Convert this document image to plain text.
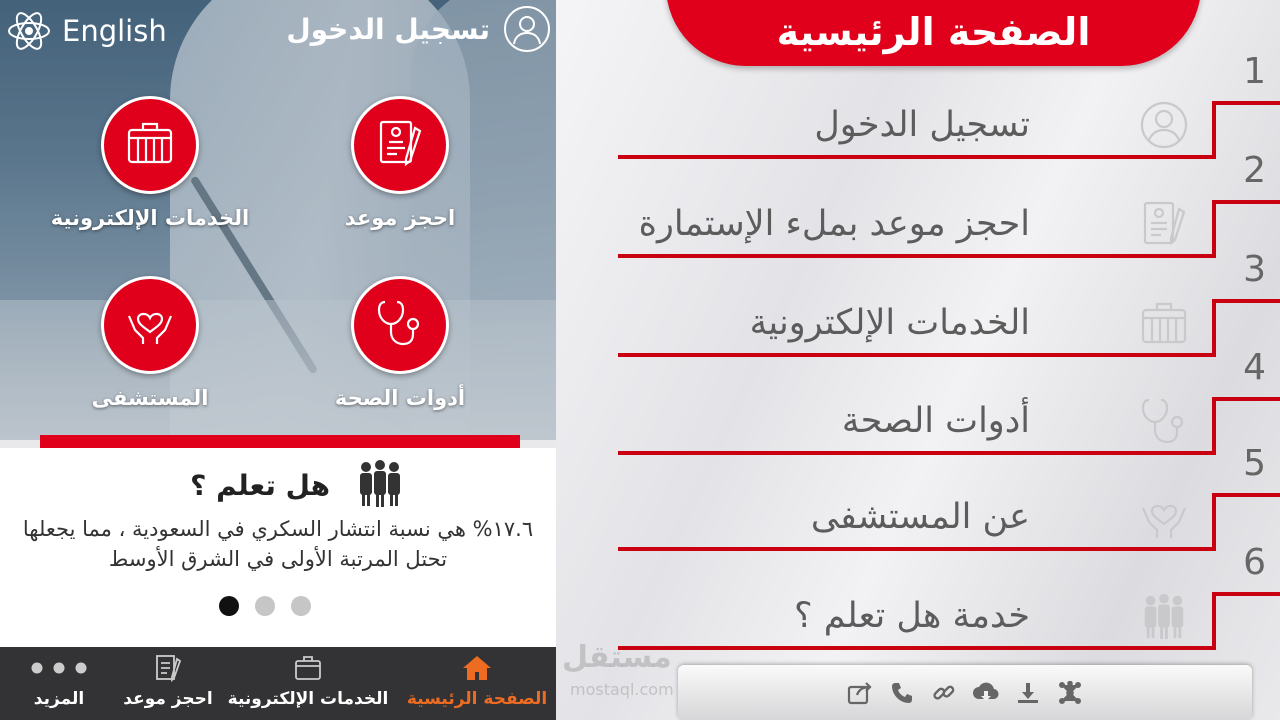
English	تسجيل الدخول
احجز موعد
الخدمات الإلكترونية
أدوات الصحة
المستشفى
هل تعلم ؟
١٧.٦% هي نسبة انتشار السكري في السعودية ، مما يجعلها تحتل المرتبة الأولى في الشرق الأوسط
المزيد	احجز موعد الخدمات الإلكترونية	الصفحة الرئيسية
الصفحة الرئيسية
1
تسجيل الدخول
2
احجز موعد بملء الإستمارة
3
الخدمات الإلكترونية
4
أدوات الصحة
5
عن المستشفى
6
خدمة هل تعلم ؟
مستقل
mostaql.com
